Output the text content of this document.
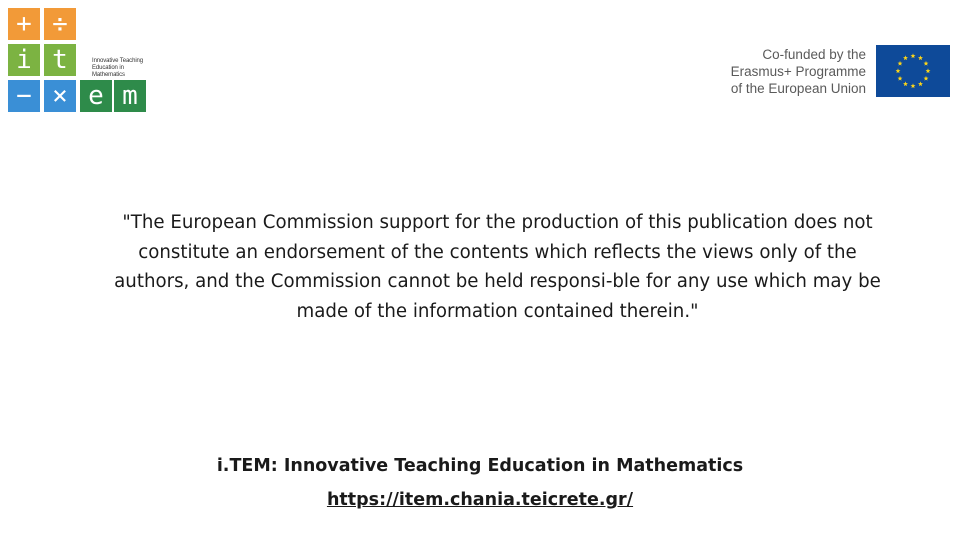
+ ÷
i t	Innovative Teaching Education in Mathematics
− × e m
Co-funded by the
Erasmus+ Programme
of the European Union
"The European Commission support for the production of this publication does not constitute an endorsement of the contents which reflects the views only of the authors, and the Commission cannot be held responsi-ble for any use which may be made of the information contained therein."
i.TEM: Innovative Teaching Education in Mathematics
https://item.chania.teicrete.gr/
